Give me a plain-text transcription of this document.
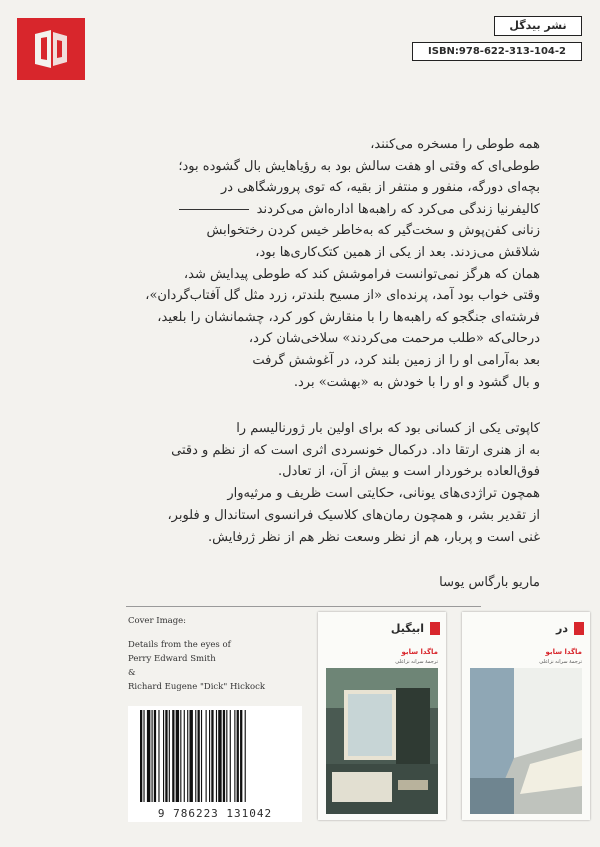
نشر بیدگل
ISBN:978-622-313-104-2
همه طوطی را مسخره می‌کنند،
طوطی‌ای که وقتی او هفت سالش بود به رؤیاهایش بال گشوده بود؛
بچه‌ای دورگه، منفور و منتفر از بقیه، که توی پرورشگاهی در
کالیفرنیا زندگی می‌کرد که راهبه‌ها اداره‌اش می‌کردند
زنانی کفن‌پوش و سخت‌گیر که به‌خاطر خیس کردن رختخوابش
شلاقش می‌زدند. بعد از یکی از همین کتک‌کاری‌ها بود،
همان که هرگز نمی‌توانست فراموشش کند که طوطی پیدایش شد،
وقتی خواب بود آمد، پرنده‌ای «از مسیح بلندتر، زرد مثل گل آفتاب‌گردان»،
فرشته‌ای جنگجو که راهبه‌ها را با منقارش کور کرد، چشمانشان را بلعید،
درحالی‌که «طلب مرحمت می‌کردند» سلاخی‌شان کرد،
بعد به‌آرامی او را از زمین بلند کرد، در آغوشش گرفت
و بال گشود و او را با خودش به «بهشت» برد.
کاپوتی یکی از کسانی بود که برای اولین بار ژورنالیسم را
به از هنری ارتقا داد. درکمال خونسردی اثری است که از نظم و دقتی
فوق‌العاده برخوردار است و بیش از آن، از تعادل.
همچون تراژدی‌های یونانی، حکایتی است ظریف و مرثیه‌وار
از تقدیر بشر، و همچون رمان‌های کلاسیک فرانسوی استاندال و فلوبر،
غنی است و پربار، هم از نظر وسعت نظر هم از نظر ژرفایش.
ماریو بارگاس یوسا
Cover Image:
Details from the eyes of
Perry Edward Smith
&
Richard Eugene "Dick" Hickock
9 786223 131042
ابیگیل
ماگدا سابو
ترجمهٔ سرانه نزاعلی
در
ماگدا سابو
ترجمهٔ سرانه نزاعلی
